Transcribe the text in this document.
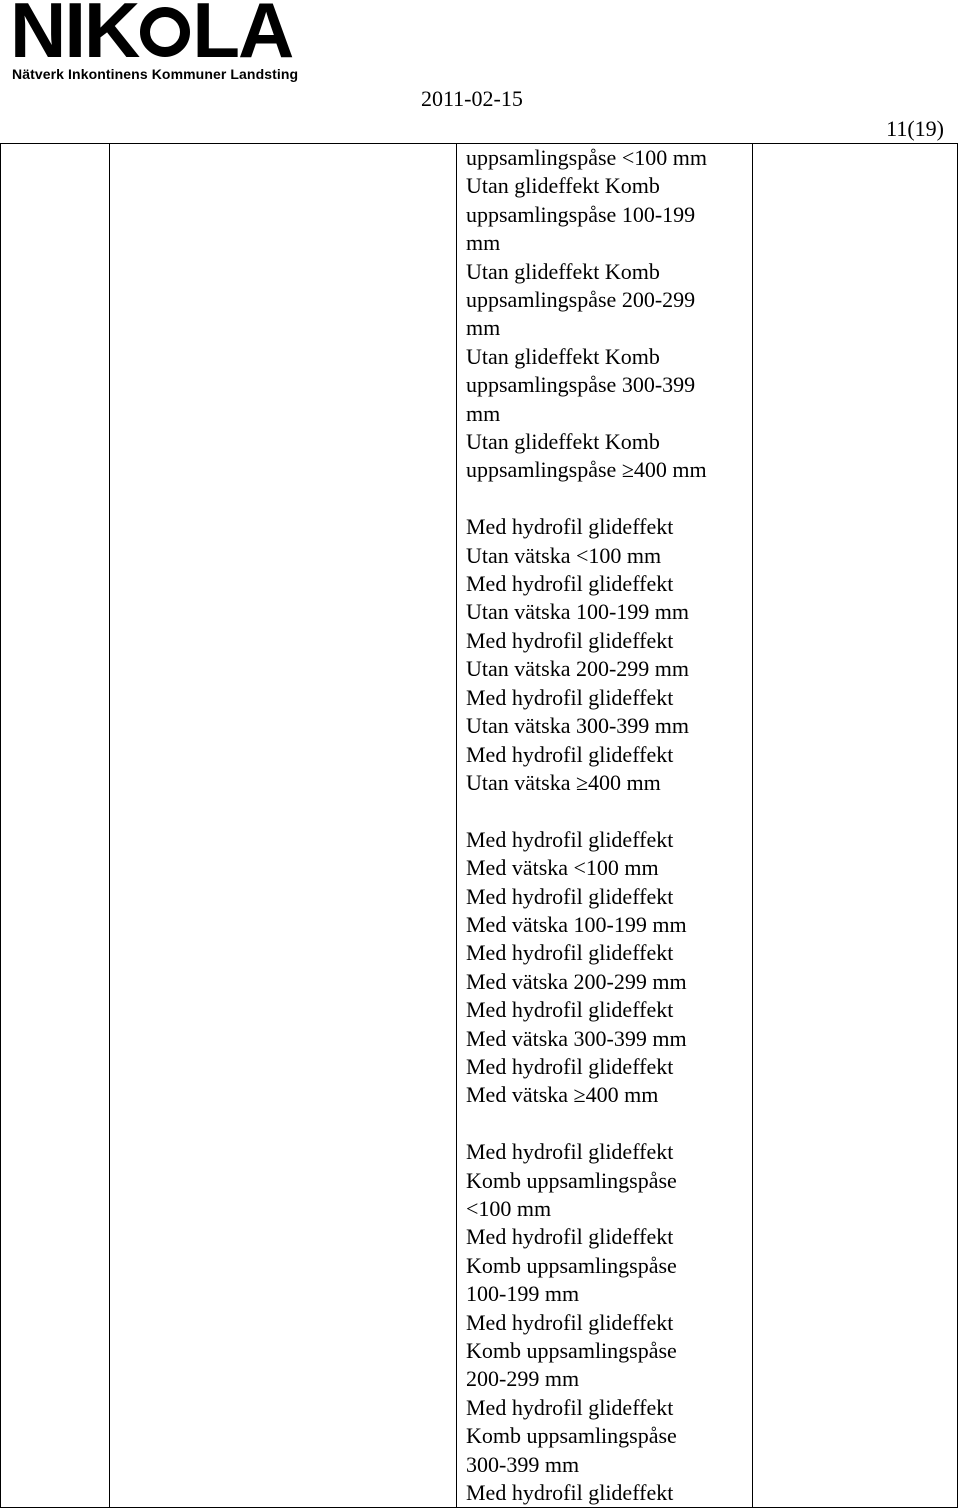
NIK LA
Nätverk Inkontinens Kommuner Landsting
2011-02-15
11(19)
uppsamlingspåse <100 mm
Utan glideffekt Komb
uppsamlingspåse 100-199
mm
Utan glideffekt Komb
uppsamlingspåse 200-299
mm
Utan glideffekt Komb
uppsamlingspåse 300-399
mm
Utan glideffekt Komb
uppsamlingspåse ≥400 mm
Med hydrofil glideffekt
Utan vätska <100 mm
Med hydrofil glideffekt
Utan vätska 100-199 mm
Med hydrofil glideffekt
Utan vätska 200-299 mm
Med hydrofil glideffekt
Utan vätska 300-399 mm
Med hydrofil glideffekt
Utan vätska ≥400 mm
Med hydrofil glideffekt
Med vätska <100 mm
Med hydrofil glideffekt
Med vätska 100-199 mm
Med hydrofil glideffekt
Med vätska 200-299 mm
Med hydrofil glideffekt
Med vätska 300-399 mm
Med hydrofil glideffekt
Med vätska ≥400 mm
Med hydrofil glideffekt
Komb uppsamlingspåse
<100 mm
Med hydrofil glideffekt
Komb uppsamlingspåse
100-199 mm
Med hydrofil glideffekt
Komb uppsamlingspåse
200-299 mm
Med hydrofil glideffekt
Komb uppsamlingspåse
300-399 mm
Med hydrofil glideffekt
